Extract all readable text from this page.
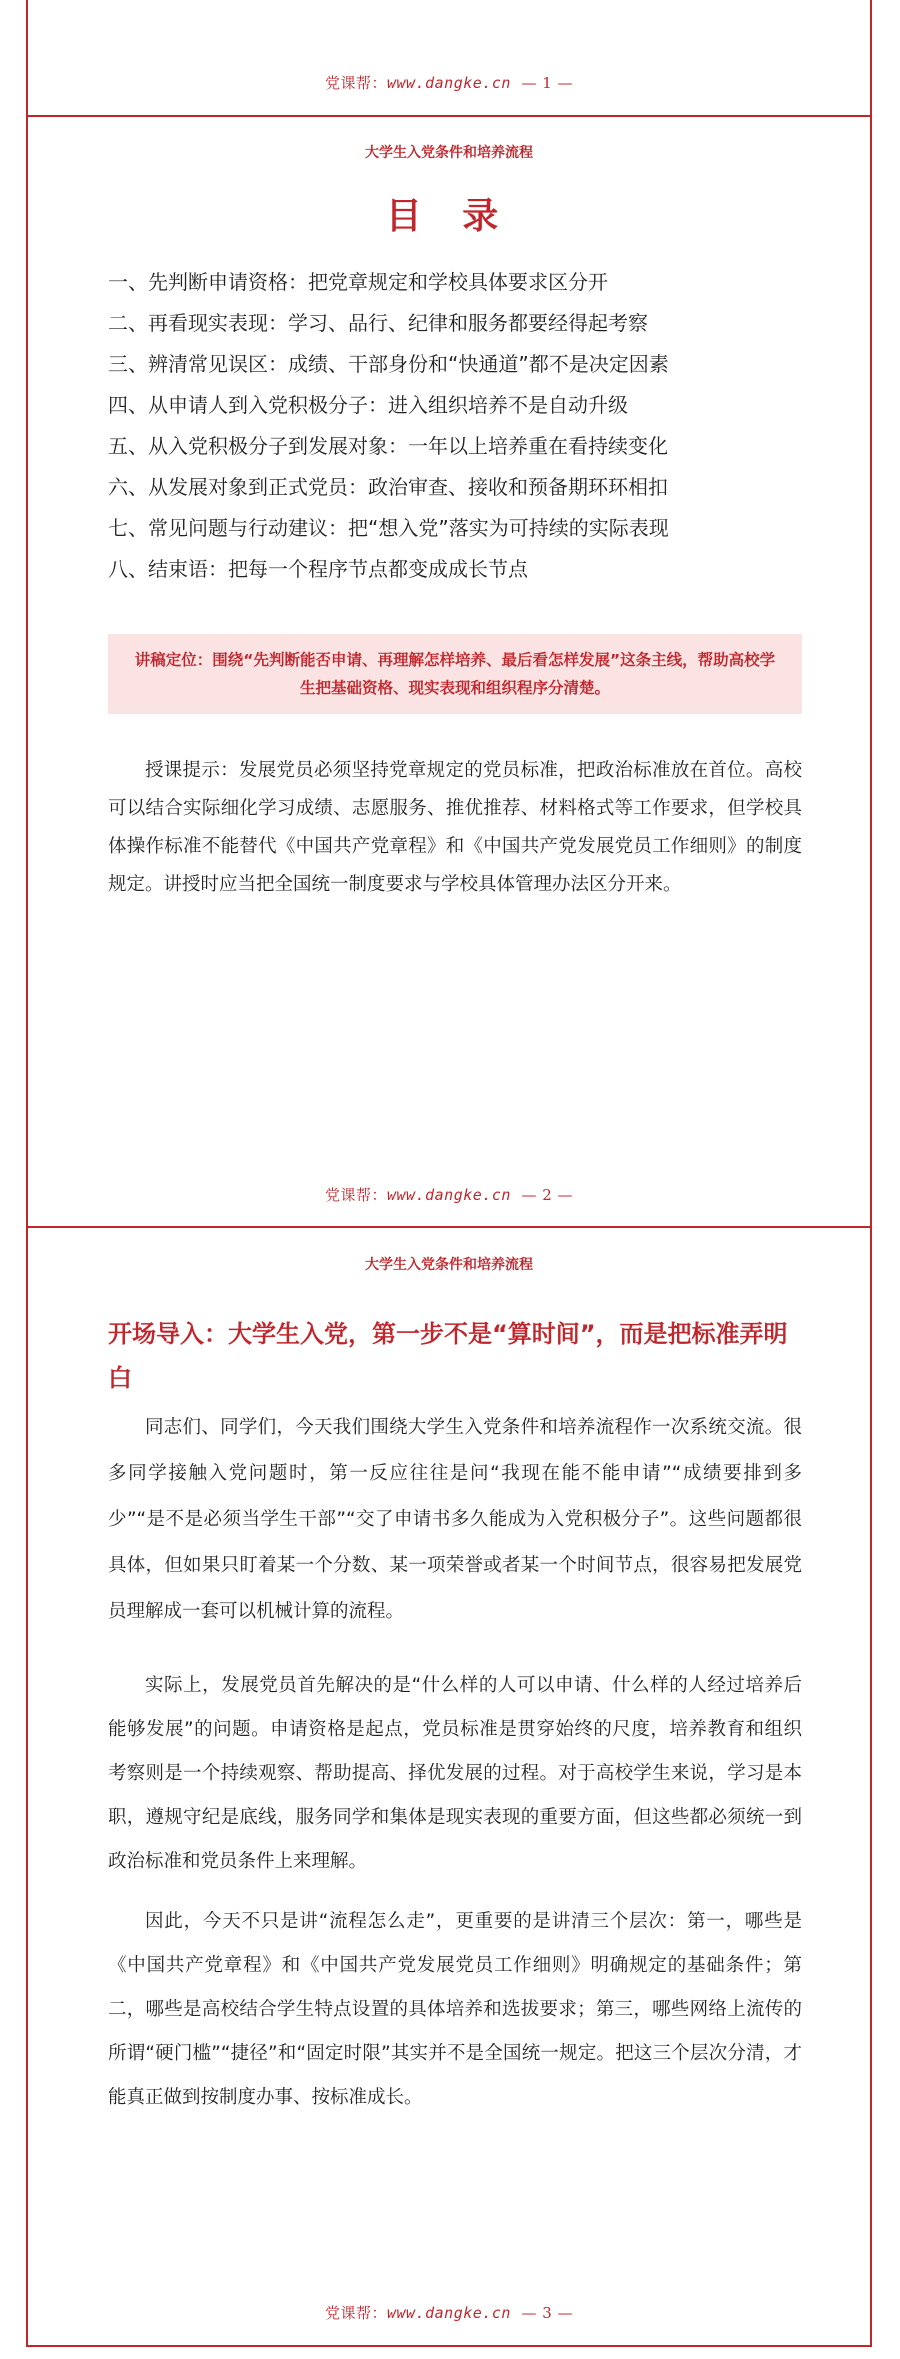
党课帮：www.dangke.cn — 1 —
大学生入党条件和培养流程
目 录
一、先判断申请资格：把党章规定和学校具体要求区分开
二、再看现实表现：学习、品行、纪律和服务都要经得起考察
三、辨清常见误区：成绩、干部身份和“快通道”都不是决定因素
四、从申请人到入党积极分子：进入组织培养不是自动升级
五、从入党积极分子到发展对象：一年以上培养重在看持续变化
六、从发展对象到正式党员：政治审查、接收和预备期环环相扣
七、常见问题与行动建议：把“想入党”落实为可持续的实际表现
八、结束语：把每一个程序节点都变成成长节点
讲稿定位：围绕“先判断能否申请、再理解怎样培养、最后看怎样发展”这条主线，帮助高校学生把基础资格、现实表现和组织程序分清楚。

授课提示：发展党员必须坚持党章规定的党员标准，把政治标准放在首位。高校可以结合实际细化学习成绩、志愿服务、推优推荐、材料格式等工作要求，但学校具体操作标准不能替代《中国共产党章程》和《中国共产党发展党员工作细则》的制度规定。讲授时应当把全国统一制度要求与学校具体管理办法区分开来。

党课帮：www.dangke.cn — 2 —
大学生入党条件和培养流程
开场导入：大学生入党，第一步不是“算时间”，而是把标准弄明白

同志们、同学们，今天我们围绕大学生入党条件和培养流程作一次系统交流。很多同学接触入党问题时，第一反应往往是问“我现在能不能申请”“成绩要排到多少”“是不是必须当学生干部”“交了申请书多久能成为入党积极分子”。这些问题都很具体，但如果只盯着某一个分数、某一项荣誉或者某一个时间节点，很容易把发展党员理解成一套可以机械计算的流程。

实际上，发展党员首先解决的是“什么样的人可以申请、什么样的人经过培养后能够发展”的问题。申请资格是起点，党员标准是贯穿始终的尺度，培养教育和组织考察则是一个持续观察、帮助提高、择优发展的过程。对于高校学生来说，学习是本职，遵规守纪是底线，服务同学和集体是现实表现的重要方面，但这些都必须统一到政治标准和党员条件上来理解。

因此，今天不只是讲“流程怎么走”，更重要的是讲清三个层次：第一，哪些是《中国共产党章程》和《中国共产党发展党员工作细则》明确规定的基础条件；第二，哪些是高校结合学生特点设置的具体培养和选拔要求；第三，哪些网络上流传的所谓“硬门槛”“捷径”和“固定时限”其实并不是全国统一规定。把这三个层次分清，才能真正做到按制度办事、按标准成长。

党课帮：www.dangke.cn — 3 —
